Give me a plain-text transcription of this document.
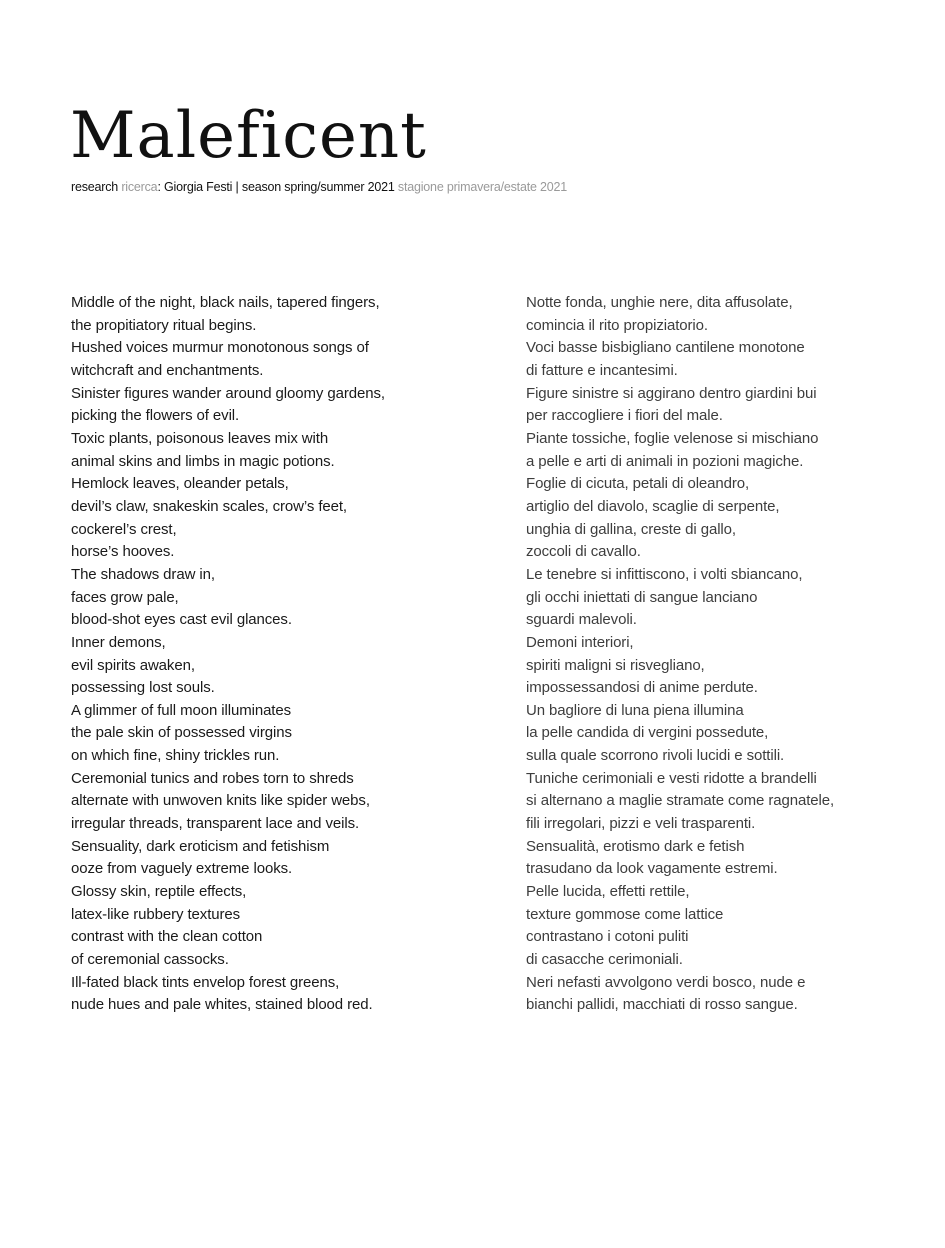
Maleficent

research ricerca: Giorgia Festi | season spring/summer 2021 stagione primavera/estate 2021

Middle of the night, black nails, tapered fingers,
the propitiatory ritual begins.
Hushed voices murmur monotonous songs of
witchcraft and enchantments.
Sinister figures wander around gloomy gardens,
picking the flowers of evil.
Toxic plants, poisonous leaves mix with
animal skins and limbs in magic potions.
Hemlock leaves, oleander petals,
devil’s claw, snakeskin scales, crow’s feet,
cockerel’s crest,
horse’s hooves.
The shadows draw in,
faces grow pale,
blood-shot eyes cast evil glances.
Inner demons,
evil spirits awaken,
possessing lost souls.
A glimmer of full moon illuminates
the pale skin of possessed virgins
on which fine, shiny trickles run.
Ceremonial tunics and robes torn to shreds
alternate with unwoven knits like spider webs,
irregular threads, transparent lace and veils.
Sensuality, dark eroticism and fetishism
ooze from vaguely extreme looks.
Glossy skin, reptile effects,
latex-like rubbery textures
contrast with the clean cotton
of ceremonial cassocks.
Ill-fated black tints envelop forest greens,
nude hues and pale whites, stained blood red.
Notte fonda, unghie nere, dita affusolate,
comincia il rito propiziatorio.
Voci basse bisbigliano cantilene monotone
di fatture e incantesimi.
Figure sinistre si aggirano dentro giardini bui
per raccogliere i fiori del male.
Piante tossiche, foglie velenose si mischiano
a pelle e arti di animali in pozioni magiche.
Foglie di cicuta, petali di oleandro,
artiglio del diavolo, scaglie di serpente,
unghia di gallina, creste di gallo,
zoccoli di cavallo.
Le tenebre si infittiscono, i volti sbiancano,
gli occhi iniettati di sangue lanciano
sguardi malevoli.
Demoni interiori,
spiriti maligni si risvegliano,
impossessandosi di anime perdute.
Un bagliore di luna piena illumina
la pelle candida di vergini possedute,
sulla quale scorrono rivoli lucidi e sottili.
Tuniche cerimoniali e vesti ridotte a brandelli
si alternano a maglie stramate come ragnatele,
fili irregolari, pizzi e veli trasparenti.
Sensualità, erotismo dark e fetish
trasudano da look vagamente estremi.
Pelle lucida, effetti rettile,
texture gommose come lattice
contrastano i cotoni puliti
di casacche cerimoniali.
Neri nefasti avvolgono verdi bosco, nude e
bianchi pallidi, macchiati di rosso sangue.
